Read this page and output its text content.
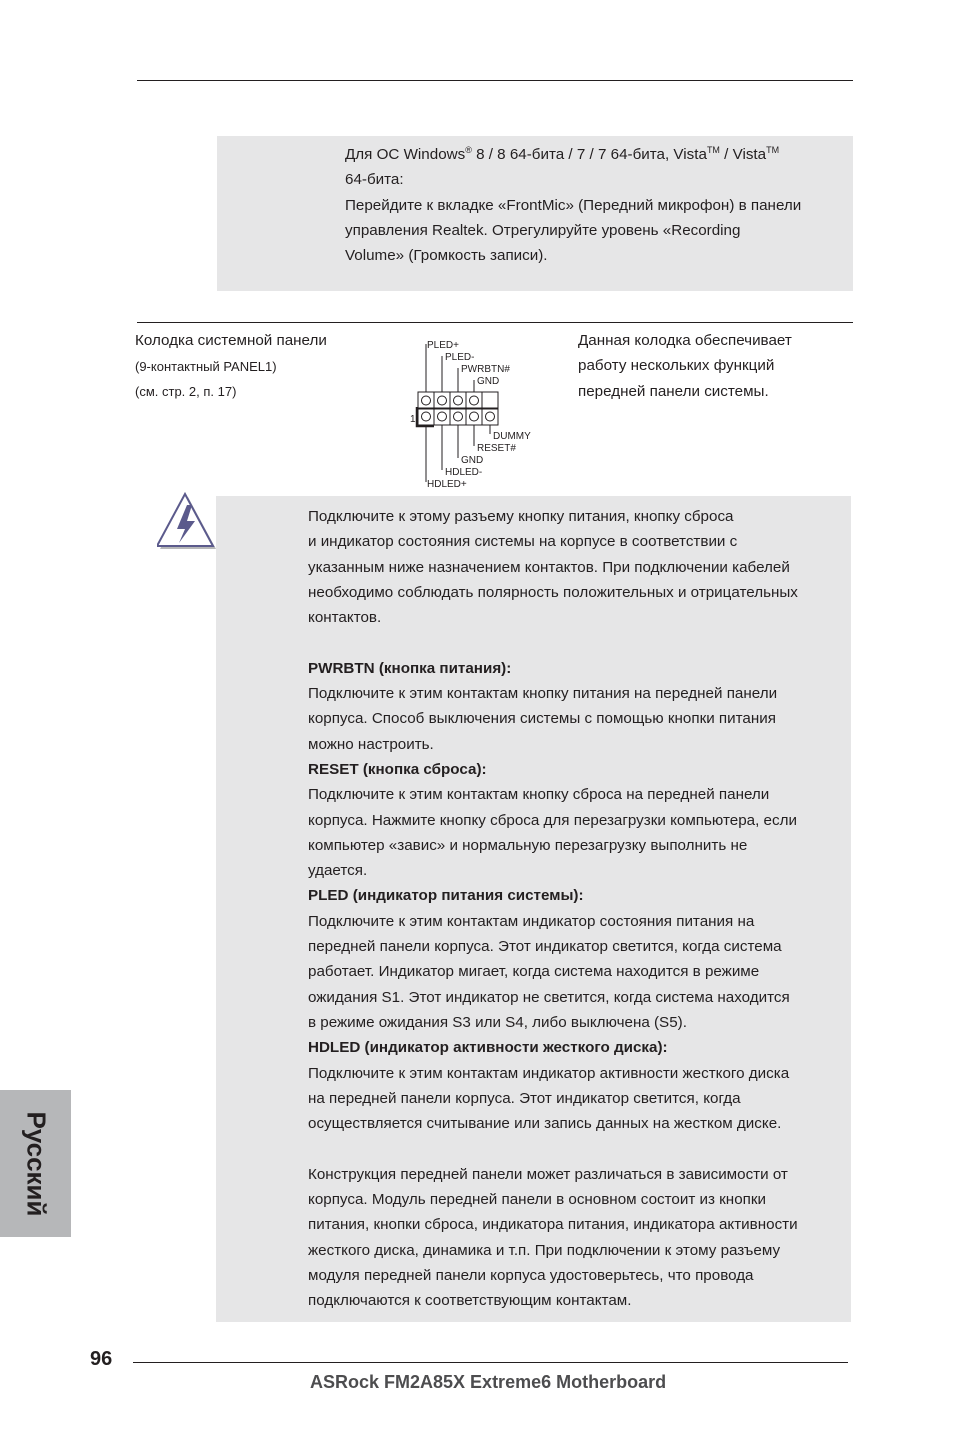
Для ОС Windows® 8 / 8 64-бита / 7 / 7 64-бита, Vista™ / Vista™
64-бита:
Перейдите к вкладке «FrontMic» (Передний микрофон) в панели
управления Realtek. Отрегулируйте уровень «Recording
Volume» (Громкость записи).
Колодка системной панели
(9-контактный PANEL1)
(см. стр. 2, п. 17)
Данная колодка обеспечивает
работу нескольких функций
передней панели системы.
1
PLED+
PLED-
PWRBTN#
GND
DUMMY
RESET#
GND
HDLED-
HDLED+
Подключите к этому разъему кнопку питания, кнопку сброса
и индикатор состояния системы на корпусе в соответствии с
указанным ниже назначением контактов. При подключении кабелей
необходимо соблюдать полярность положительных и отрицательных
контактов.

PWRBTN (кнопка питания):
Подключите к этим контактам кнопку питания на передней панели
корпуса. Способ выключения системы с помощью кнопки питания
можно настроить.
RESET (кнопка сброса):
Подключите к этим контактам кнопку сброса на передней панели
корпуса. Нажмите кнопку сброса для перезагрузки компьютера, если
компьютер «завис» и нормальную перезагрузку выполнить не
удается.
PLED (индикатор питания системы):
Подключите к этим контактам индикатор состояния питания на
передней панели корпуса. Этот индикатор светится, когда система
работает. Индикатор мигает, когда система находится в режиме
ожидания S1. Этот индикатор не светится, когда система находится
в режиме ожидания S3 или S4, либо выключена (S5).
HDLED (индикатор активности жесткого диска):
Подключите к этим контактам индикатор активности жесткого диска
на передней панели корпуса. Этот индикатор светится, когда
осуществляется считывание или запись данных на жестком диске.

Конструкция передней панели может различаться в зависимости от
корпуса. Модуль передней панели в основном состоит из кнопки
питания, кнопки сброса, индикатора питания, индикатора активности
жесткого диска, динамика и т.п. При подключении к этому разъему
модуля передней панели корпуса удостоверьтесь, что провода
подключаются к соответствующим контактам.
Русский
96
ASRock FM2A85X Extreme6 Motherboard
